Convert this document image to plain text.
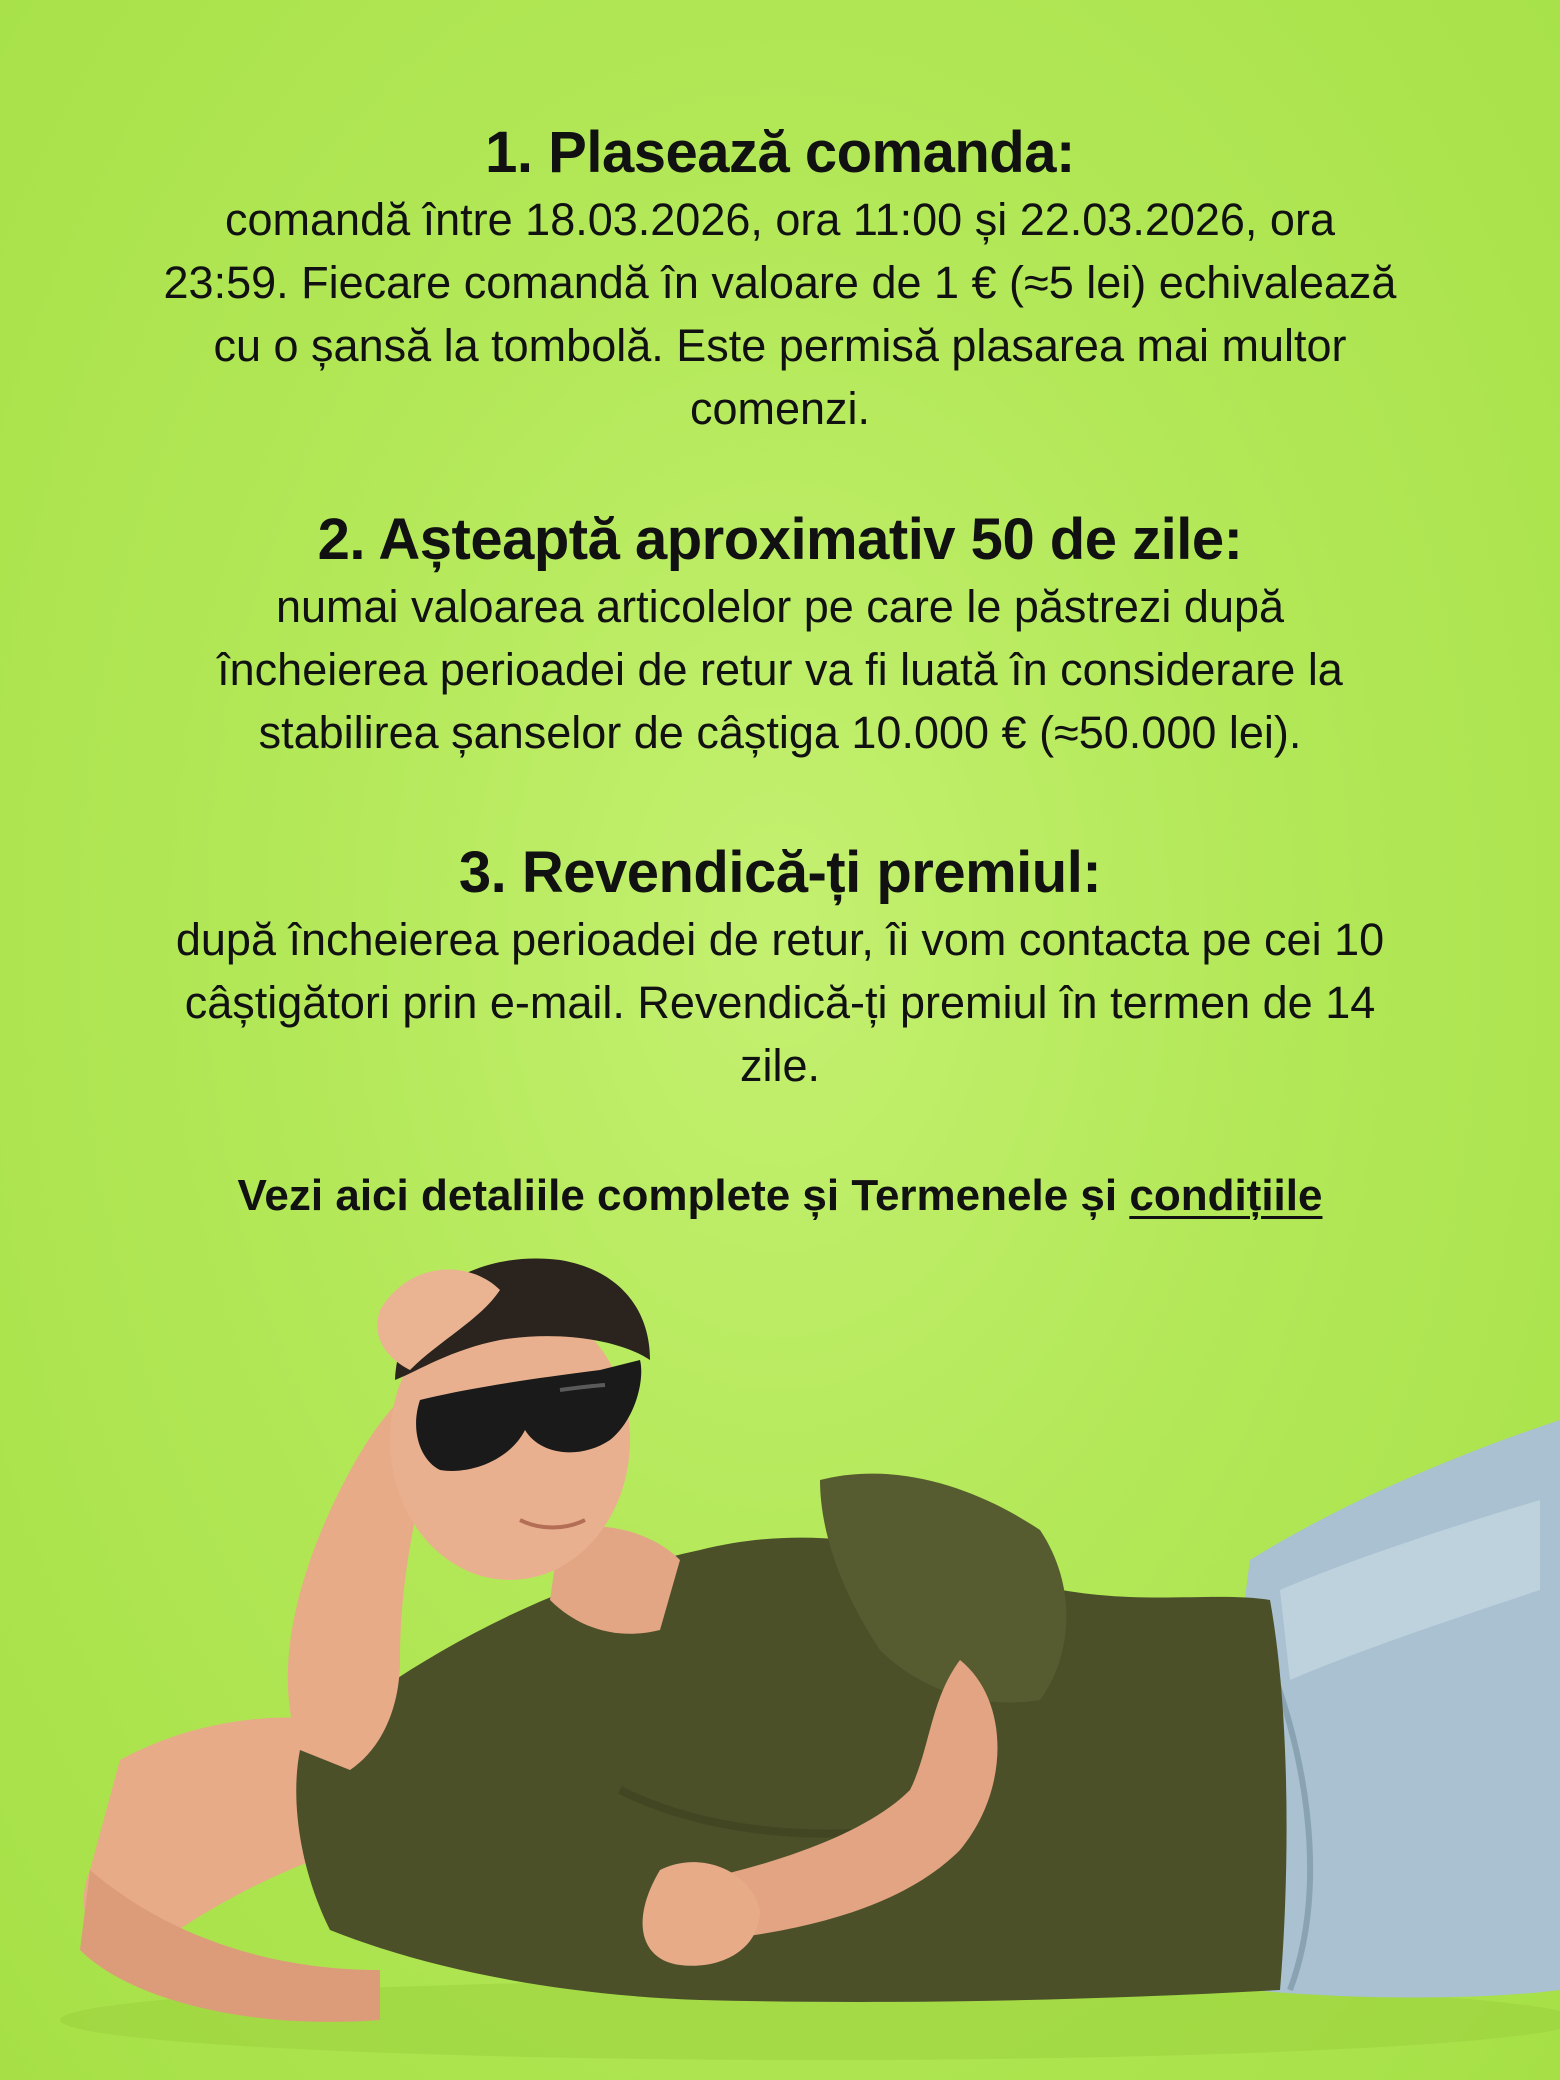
1. Plasează comanda:

comandă între 18.03.2026, ora 11:00 și 22.03.2026, ora
23:59. Fiecare comandă în valoare de 1 € (≈5 lei) echivalează
cu o șansă la tombolă. Este permisă plasarea mai multor
comenzi.

2. Așteaptă aproximativ 50 de zile:

numai valoarea articolelor pe care le păstrezi după
încheierea perioadei de retur va fi luată în considerare la
stabilirea șanselor de câștiga 10.000 € (≈50.000 lei).

3. Revendică-ți premiul:

după încheierea perioadei de retur, îi vom contacta pe cei 10
câștigători prin e-mail. Revendică-ți premiul în termen de 14
zile.

Vezi aici detaliile complete și Termenele și condițiile
